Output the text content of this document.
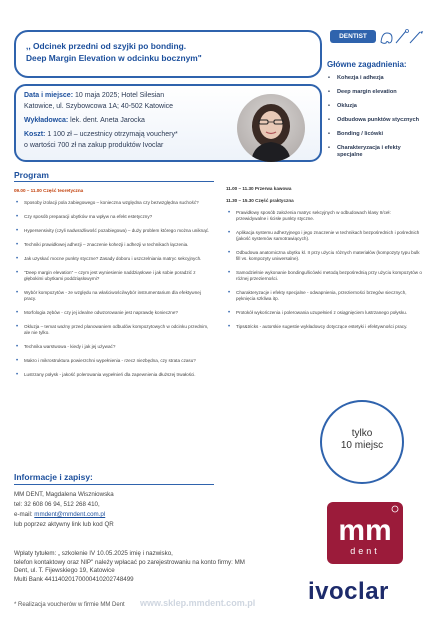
,, Odcinek przedni od szyjki po bonding.
Deep Margin Elevation w odcinku bocznym"
Data i miejsce: 10 maja 2025; Hotel Silesian
Katowice, ul. Szybowcowa 1A; 40-502 Katowice
Wykładowca: lek. dent. Aneta Jarocka
Koszt: 1 100 zł – uczestnicy otrzymają vouchery*
o wartości 700 zł na zakup produktów Ivoclar
DENTIST
Główne zagadnienia:
• Kohezja i adhezja
• Deep margin elevation
• Okluzja
• Odbudowa punktów stycznych
• Bonding / licówki
• Charakteryzacja i efekty specjalne
Program
09.00 – 11.00 Część teoretyczna
• Sposoby izolacji pola zabiegowego – konieczna względna czy bezwzględna suchość?
• Czy sposób preparacji ubytków ma wpływ na efekt estetyczny?
• Hypersensivity (czyli nadwrażliwość pozabiegowa) – duży problem którego można uniknąć.
• Techniki prawidłowej adhezji – znaczenie kohezji i adhezji w technikach łączenia.
• Jak uzyskać mocne punkty styczne? Zasady doboru i uszczelniania matryc sekcyjnych.
• "Deep margin elevation" – czym jest wyniesienie naddziąsłowe i jak sobie poradzić z głębokimi ubytkami poddziąsłowymi?
• Wybór kompozytów - ze względu na właściwości/wybór instrumentarium dla efektywnej pracy.
• Morfologia zębów - czy jej idealne odwzorowanie jest naprawdę konieczne?
• Okluzja – temat ważny przed planowaniem odbudów kompozytowych w odcinku przednim, ale nie tylko.
• Technika warstwowa - kiedy i jak jej używać?
• Makro i mikrostruktura powierzchni wypełnienia - rzecz niezbędna, czy strata czasu?
• Lustrzany połysk - jakość polerowania wypełnień dla zapewnienia dłuższej trwałości.
11.00 – 11.30 Przerwa kawowa
11.30 – 15.30 Część praktyczna
• Prawidłowy sposób założenia matryc sekcyjnych w odbudowach klasy II/ceł: przewidywalne i ścisłe punkty styczne.
• Aplikacja systemu adhezyjnego i jego znaczenie w technikach bezpośrednich i pośrednich (jakość systemów samotrawiących).
• Odbudowa anatomiczna ubytku kl. II przy użyciu różnych materiałów (kompozyty typu bulk fill vs. kompozyty uniwersalne).
• Samodzielnie wykonanie bondingu/licówki metodą bezpośrednią przy użyciu kompozytów o różnej przezierności.
• Charakteryzacje i efekty specjalne - odwapnienia, przezierności brzegów siecznych, pęknięcia szkliwa itp.
• Protokół wykończenia i polerowania uzupełnień z osiągnięciem lustrzanego połysku.
• Tips&tricks - autorskie sugestie wykładowcy dotyczące estetyki i efektywności pracy.
tylko
10 miejsc
Informacje i zapisy:
MM DENT, Magdalena Wiszniowska
tel: 32 608 06 94, 512 268 410,
e-mail: mmdent@mmdent.com.pl
lub poprzez aktywny link lub kod QR	mm
dent
Wpłaty tytułem: „ szkolenie IV 10.05.2025 imię i nazwisko,
telefon kontaktowy oraz NIP" należy wpłacać po zarejestrowaniu na konto firmy: MM
Dent, ul. T. Fijewskiego 19, Katowice
Multi Bank 44114020170000410202748499
www.sklep.mmdent.com.pl
* Realizacja voucherów w firmie MM Dent	ivoclar
